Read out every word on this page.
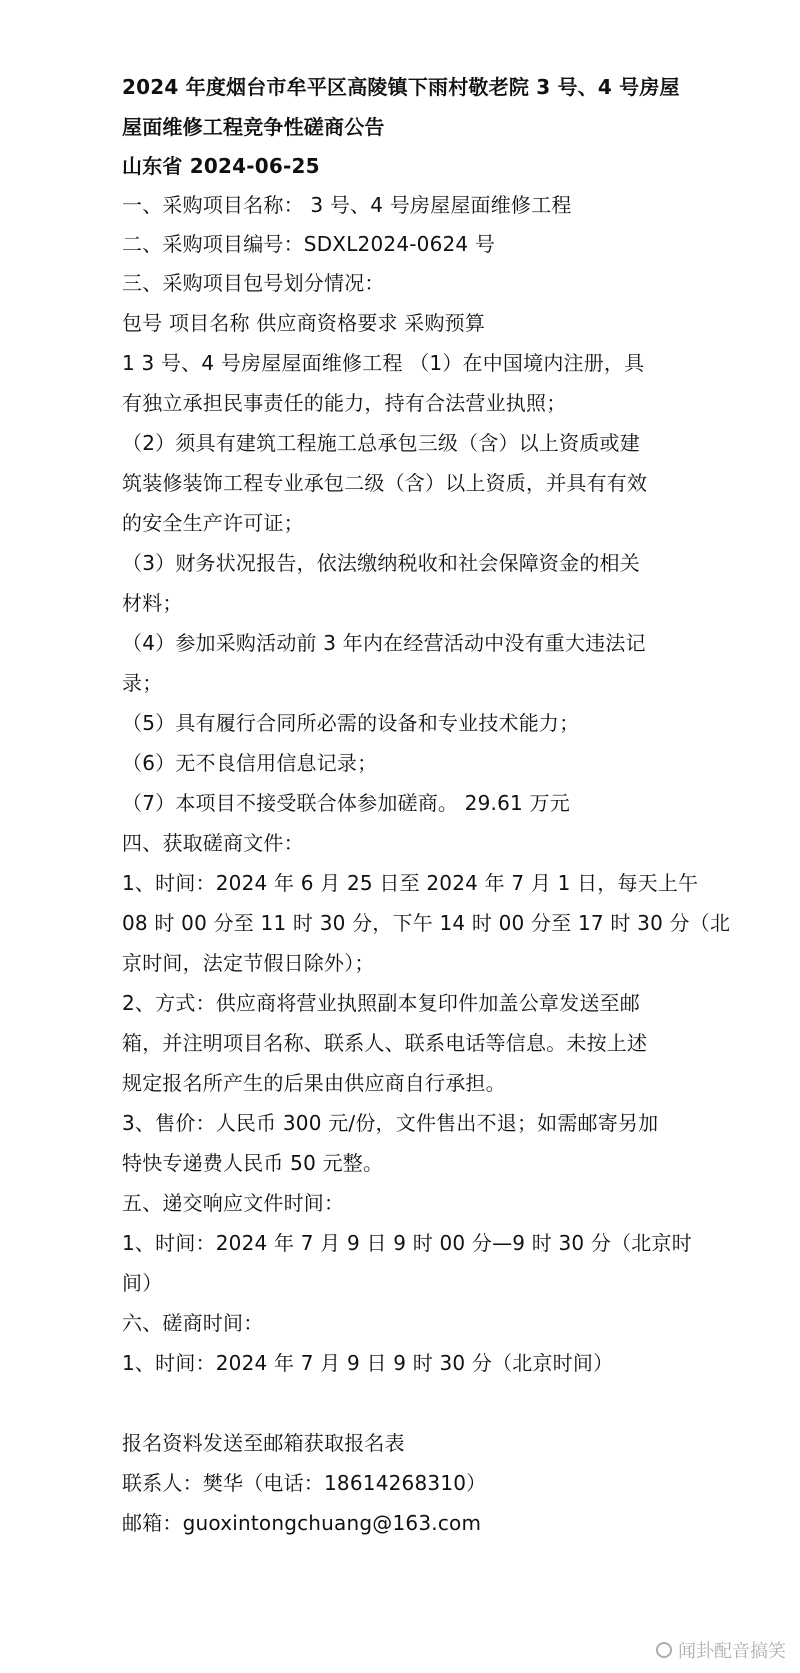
2024 年度烟台市牟平区高陵镇下雨村敬老院 3 号、4 号房屋
屋面维修工程竞争性磋商公告
山东省 2024-06-25
一、采购项目名称： 3 号、4 号房屋屋面维修工程
二、采购项目编号：SDXL2024-0624 号
三、采购项目包号划分情况：
包号 项目名称 供应商资格要求 采购预算
1 3 号、4 号房屋屋面维修工程 （1）在中国境内注册，具
有独立承担民事责任的能力，持有合法营业执照；
（2）须具有建筑工程施工总承包三级（含）以上资质或建
筑装修装饰工程专业承包二级（含）以上资质，并具有有效
的安全生产许可证；
（3）财务状况报告，依法缴纳税收和社会保障资金的相关
材料；
（4）参加采购活动前 3 年内在经营活动中没有重大违法记
录；
（5）具有履行合同所必需的设备和专业技术能力；
（6）无不良信用信息记录；
（7）本项目不接受联合体参加磋商。 29.61 万元
四、获取磋商文件：
1、时间：2024 年 6 月 25 日至 2024 年 7 月 1 日，每天上午
08 时 00 分至 11 时 30 分，下午 14 时 00 分至 17 时 30 分（北
京时间，法定节假日除外）；
2、方式：供应商将营业执照副本复印件加盖公章发送至邮
箱，并注明项目名称、联系人、联系电话等信息。未按上述
规定报名所产生的后果由供应商自行承担。
3、售价：人民币 300 元/份，文件售出不退；如需邮寄另加
特快专递费人民币 50 元整。
五、递交响应文件时间：
1、时间：2024 年 7 月 9 日 9 时 00 分—9 时 30 分（北京时
间）
六、磋商时间：
1、时间：2024 年 7 月 9 日 9 时 30 分（北京时间）
报名资料发送至邮箱获取报名表
联系人：樊华（电话：18614268310）
邮箱：guoxintongchuang@163.com
闻卦配音搞笑
